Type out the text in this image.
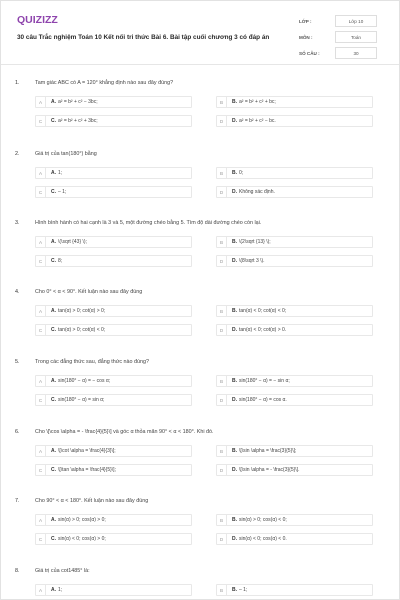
QUIZIZZ
30 câu Trắc nghiệm Toán 10 Kết nối tri thức Bài 6. Bài tập cuối chương 3 có đáp án
LỚP :	Lớp 10
MÔN :	Toán
SỐ CÂU :	30
1.	Tam giác ABC có A = 120° khẳng định nào sau đây đúng?
A	A. a² = b² + c² − 3bc;	B	B. a² = b² + c² + bc;
C	C. a² = b² + c² + 3bc;	D	D. a² = b² + c² − bc.
2.	Giá trị của tan(180°) bằng
A	A. 1;	B	B. 0;
C	C. – 1;	D	D. Không xác định.
3.	Hình bình hành có hai cạnh là 3 và 5, một đường chéo bằng 5. Tìm độ dài đường chéo còn lại.
A	A. \(\sqrt {43} \);	B	B. \(2\sqrt {13} \);
C	C. 8;	D	D. \(8\sqrt 3 \).
4.	Cho 0° < α < 90°. Kết luận nào sau đây đúng
A	A. tan(α) > 0; cot(α) > 0;	B	B. tan(α) < 0; cot(α) < 0;
C	C. tan(α) > 0; cot(α) < 0;	D	D. tan(α) < 0; cot(α) > 0.
5.	Trong các đẳng thức sau, đẳng thức nào đúng?
A	A. sin(180° − α) = − cos α;	B	B. sin(180° − α) = − sin α;
C	C. sin(180° − α) = sin α;	D	D. sin(180° − α) = cos α.
6.	Cho \[\cos \alpha = - \frac{4}{5}\] và góc α thỏa mãn 90° < α < 180°. Khi đó.
A	A. \[\cot \alpha = \frac{4}{3}\];	B	B. \[\sin \alpha = \frac{3}{5}\];
C	C. \[\tan \alpha = \frac{4}{5}\];	D	D. \[\sin \alpha = - \frac{3}{5}\].
7.	Cho 90° < α < 180°. Kết luận nào sau đây đúng
A	A. sin(α) > 0; cos(α) > 0;	B	B. sin(α) > 0; cos(α) < 0;
C	C. sin(α) < 0; cos(α) > 0;	D	D. sin(α) < 0; cos(α) < 0.
8.	Giá trị của cot1485° là:
A	A. 1;	B	B. – 1;
